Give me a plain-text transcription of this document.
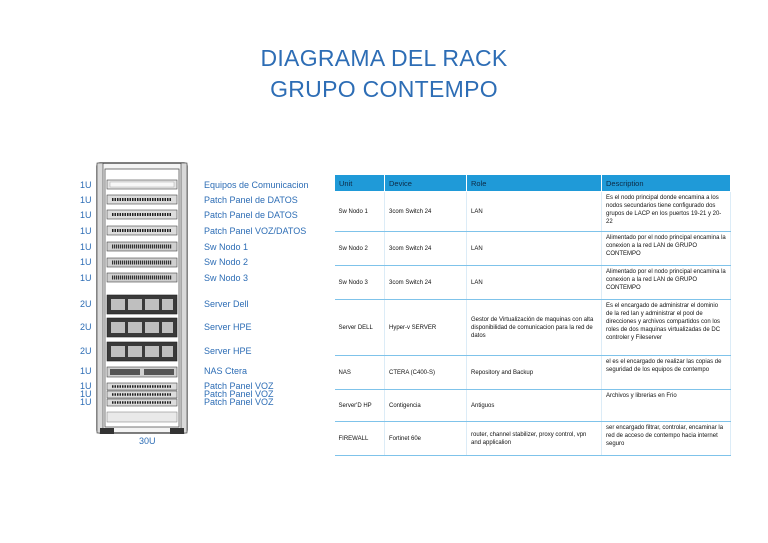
DIAGRAMA DEL RACK
GRUPO CONTEMPO
1U
1U
1U
1U
1U
1U
1U
2U
2U
2U
1U
1U
1U
1U
Equipos de Comunicacion
Patch Panel de DATOS
Patch Panel de DATOS
Patch Panel VOZ/DATOS
Sw Nodo 1
Sw Nodo 2
Sw Nodo 3
Server Dell
Server HPE
Server HPE
NAS Ctera
Patch Panel VOZ
Patch Panel VOZ
Patch Panel VOZ
30U
Unit	Device	Role	Description
Sw Nodo 1	3com Switch 24	LAN	Es el nodo principal donde encamina a los nodos secundarios tiene configurado dos grupos de LACP en los puertos 19-21 y 20-22
Sw Nodo 2	3com Switch 24	LAN	Alimentado por el nodo principal encamina la conexion a la red LAN de GRUPO CONTEMPO
Sw Nodo 3	3com Switch 24	LAN	Alimentado por el nodo principal encamina la conexion a la red LAN de GRUPO CONTEMPO
Server DELL	Hyper-v SERVER	Gestor de Virtualización de maquinas con alta disponibilidad de comunicacion para la red de datos	Es el encargado de administrar el dominio de la red lan y administrar el pool de direcciones y archivos compartidos con los roles de dos maquinas virtualizadas de DC controler y Fileserver
NAS	CTERA (C400-S)	Repository and Backup	el es el encargado de realizar las copias de seguridad de los equipos de contempo
Server'D HP	Contigencia	Antiguos	Archivos y librerias en Frio
FIREWALL	Fortinet 60e	router, channel stabilizer, proxy control, vpn and applicalion	ser encargado filtrar, controlar, encaminar la red de acceso de contempo hacia internet seguro
